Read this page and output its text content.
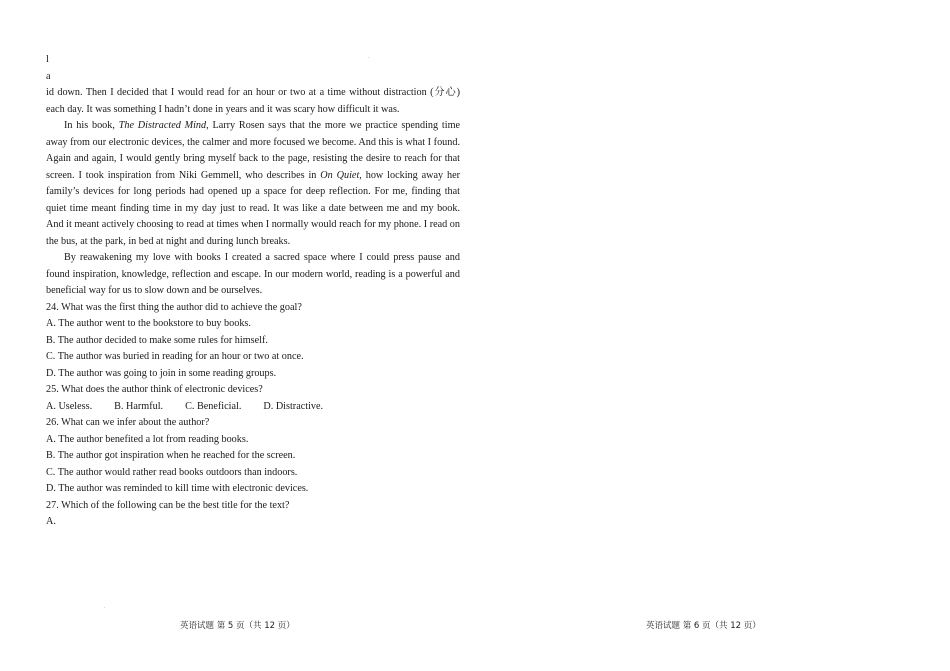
.
.

l

a

id down. Then I decided that I would read for an hour or two at a time without distraction (分心) each day. It was something I hadn’t done in years and it was scary how difficult it was.

In his book, The Distracted Mind, Larry Rosen says that the more we practice spending time away from our electronic devices, the calmer and more focused we become. And this is what I found. Again and again, I would gently bring myself back to the page, resisting the desire to reach for that screen. I took inspiration from Niki Gemmell, who describes in On Quiet, how locking away her family’s devices for long periods had opened up a space for deep reflection. For me, finding that quiet time meant finding time in my day just to read. It was like a date between me and my book. And it meant actively choosing to read at times when I normally would reach for my phone. I read on the bus, at the park, in bed at night and during lunch breaks.

By reawakening my love with books I created a sacred space where I could press pause and found inspiration, knowledge, reflection and escape. In our modern world, reading is a powerful and beneficial way for us to slow down and be ourselves.

24. What was the first thing the author did to achieve the goal?

A. The author went to the bookstore to buy books.

B. The author decided to make some rules for himself.

C. The author was buried in reading for an hour or two at once.

D. The author was going to join in some reading groups.

25. What does the author think of electronic devices?

A. Useless. B. Harmful. C. Beneficial. D. Distractive.

26. What can we infer about the author?

A. The author benefited a lot from reading books.

B. The author got inspiration when he reached for the screen.

C. The author would rather read books outdoors than indoors.

D. The author was reminded to kill time with electronic devices.

27. Which of the following can be the best title for the text?

A.

英语试题 第 5 页（共 12 页）	英语试题 第 6 页（共 12 页）
